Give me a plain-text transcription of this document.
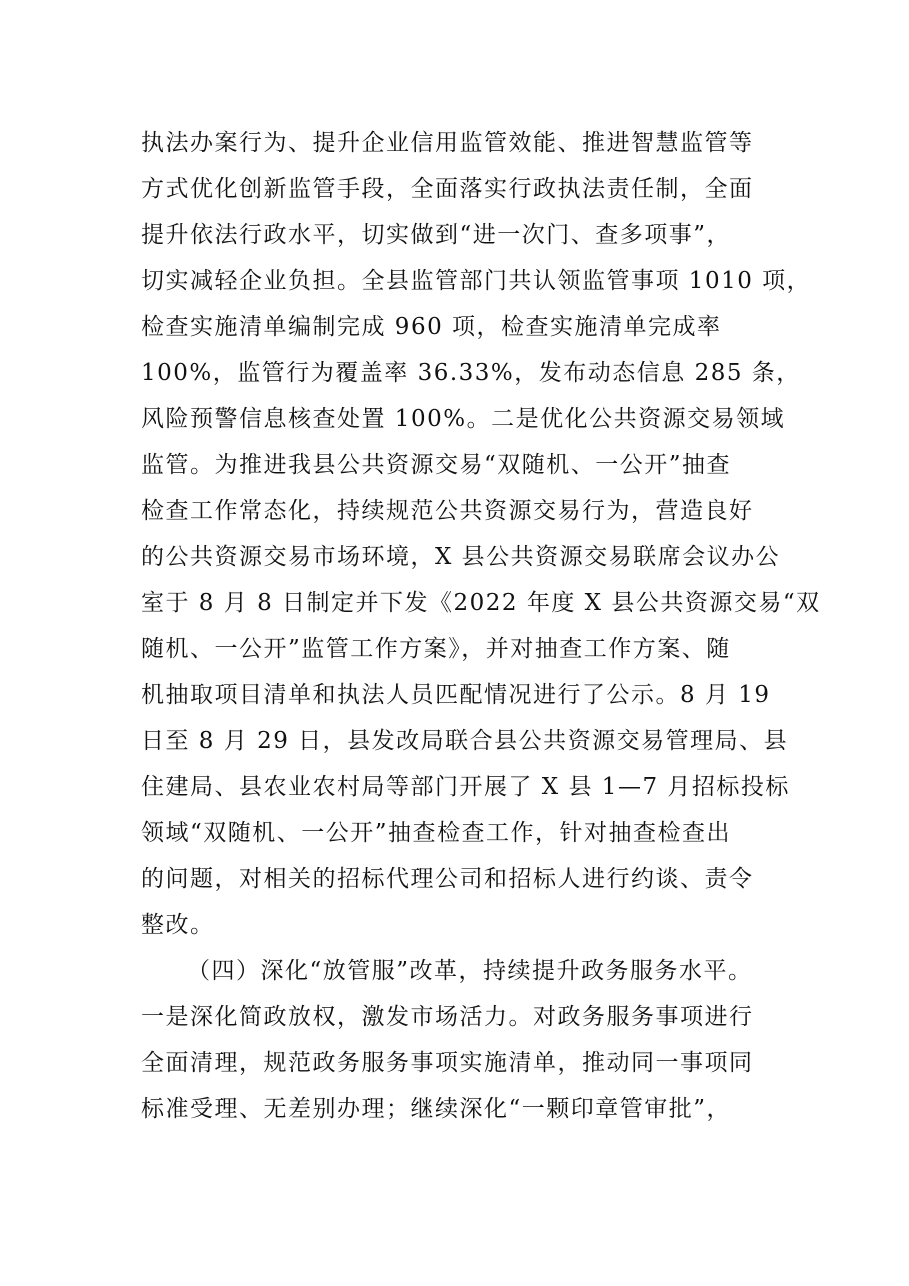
执法办案行为、提升企业信用监管效能、推进智慧监管等
方式优化创新监管手段，全面落实行政执法责任制，全面
提升依法行政水平，切实做到“进一次门、查多项事”，
切实减轻企业负担。全县监管部门共认领监管事项 1010 项，
检查实施清单编制完成 960 项，检查实施清单完成率
100%，监管行为覆盖率 36.33%，发布动态信息 285 条，
风险预警信息核查处置 100%。二是优化公共资源交易领域
监管。为推进我县公共资源交易“双随机、一公开”抽查
检查工作常态化，持续规范公共资源交易行为，营造良好
的公共资源交易市场环境，X 县公共资源交易联席会议办公
室于 8 月 8 日制定并下发《2022 年度 X 县公共资源交易“双
随机、一公开”监管工作方案》，并对抽查工作方案、随
机抽取项目清单和执法人员匹配情况进行了公示。8 月 19
日至 8 月 29 日，县发改局联合县公共资源交易管理局、县
住建局、县农业农村局等部门开展了 X 县 1—7 月招标投标
领域“双随机、一公开”抽查检查工作，针对抽查检查出
的问题，对相关的招标代理公司和招标人进行约谈、责令
整改。
（四）深化“放管服”改革，持续提升政务服务水平。
一是深化简政放权，激发市场活力。对政务服务事项进行
全面清理，规范政务服务事项实施清单，推动同一事项同
标准受理、无差别办理；继续深化“一颗印章管审批”，
